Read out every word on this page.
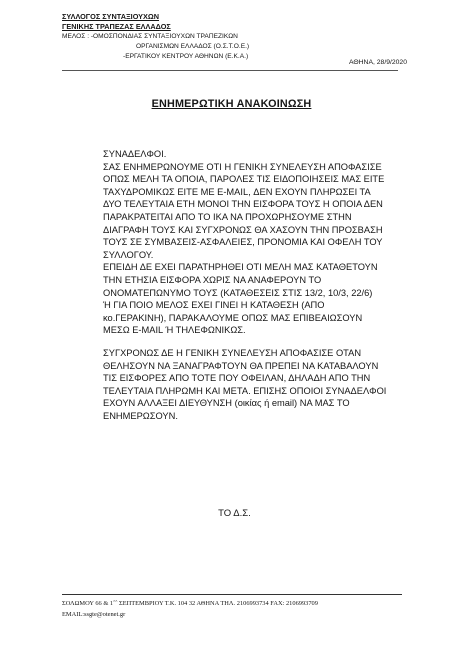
ΣΥΛΛΟΓΟΣ ΣΥΝΤΑΞΙΟΥΧΩΝ
ΓΕΝΙΚΗΣ ΤΡΑΠΕΖΑΣ ΕΛΛΑΔΟΣ
ΜΕΛΟΣ : -ΟΜΟΣΠΟΝΔΙΑΣ ΣΥΝΤΑΞΙΟΥΧΩΝ ΤΡΑΠΕΖΙΚΩΝ
ΟΡΓΑΝΙΣΜΩΝ ΕΛΛΑΔΟΣ (Ο.Σ.Τ.Ο.Ε.)
-ΕΡΓΑΤΙΚΟΥ ΚΕΝΤΡΟΥ ΑΘΗΝΩΝ (Ε.Κ.Α.)
ΑΘΗΝΑ, 28/9/2020
ΕΝΗΜΕΡΩΤΙΚΗ ΑΝΑΚΟΙΝΩΣΗ
ΣΥΝΑΔΕΛΦΟΙ.
ΣΑΣ ΕΝΗΜΕΡΩΝΟΥΜΕ ΟΤΙ Η ΓΕΝΙΚΗ ΣΥΝΕΛΕΥΣΗ ΑΠΟΦΑΣΙΣΕ
ΟΠΩΣ ΜΕΛΗ ΤΑ ΟΠΟΙΑ, ΠΑΡΟΛΕΣ ΤΙΣ ΕΙΔΟΠΟΙΗΣΕΙΣ ΜΑΣ ΕΙΤΕ
ΤΑΧΥΔΡΟΜΙΚΩΣ ΕΙΤΕ ΜΕ E-MAIL, ΔΕΝ ΕΧΟΥΝ ΠΛΗΡΩΣΕΙ ΤΑ
ΔΥΟ ΤΕΛΕΥΤΑΙΑ ΕΤΗ ΜΟΝΟΙ ΤΗΝ ΕΙΣΦΟΡΑ ΤΟΥΣ Η ΟΠΟΙΑ ΔΕΝ
ΠΑΡΑΚΡΑΤΕΙΤΑΙ ΑΠΟ ΤΟ ΙΚΑ ΝΑ ΠΡΟΧΩΡΗΣΟΥΜΕ ΣΤΗΝ
ΔΙΑΓΡΑΦΗ ΤΟΥΣ ΚΑΙ ΣΥΓΧΡΟΝΩΣ ΘΑ ΧΑΣΟΥΝ ΤΗΝ ΠΡΟΣΒΑΣΗ
ΤΟΥΣ ΣΕ ΣΥΜΒΑΣΕΙΣ-ΑΣΦΑΛΕΙΕΣ, ΠΡΟΝΟΜΙΑ ΚΑΙ ΟΦΕΛΗ ΤΟΥ
ΣΥΛΛΟΓΟΥ.
ΕΠΕΙΔΗ ΔΕ ΕΧΕΙ ΠΑΡΑΤΗΡΗΘΕΙ ΟΤΙ ΜΕΛΗ ΜΑΣ ΚΑΤΑΘΕΤΟΥΝ
ΤΗΝ ΕΤΗΣΙΑ ΕΙΣΦΟΡΑ ΧΩΡΙΣ ΝΑ ΑΝΑΦΕΡΟΥΝ ΤΟ
ΟΝΟΜΑΤΕΠΩΝΥΜΟ ΤΟΥΣ (ΚΑΤΑΘΕΣΕΙΣ ΣΤΙΣ 13/2, 10/3, 22/6)
Ή ΓΙΑ ΠΟΙΟ ΜΕΛΟΣ ΕΧΕΙ ΓΙΝΕΙ Η ΚΑΤΑΘΕΣΗ (ΑΠΟ
κο.ΓΕΡΑΚΙΝΗ), ΠΑΡΑΚΑΛΟΥΜΕ ΟΠΩΣ ΜΑΣ ΕΠΙΒΕΑΙΩΣΟΥΝ
ΜΕΣΩ E-MAIL Ή ΤΗΛΕΦΩΝΙΚΩΣ.
ΣΥΓΧΡΟΝΩΣ ΔΕ Η ΓΕΝΙΚΗ ΣΥΝΕΛΕΥΣΗ ΑΠΟΦΑΣΙΣΕ ΟΤΑΝ
ΘΕΛΗΣΟΥΝ ΝΑ ΞΑΝΑΓΡΑΦΤΟΥΝ ΘΑ ΠΡΕΠΕΙ ΝΑ ΚΑΤΑΒΑΛΟΥΝ
ΤΙΣ ΕΙΣΦΟΡΕΣ ΑΠΟ ΤΟΤΕ ΠΟΥ ΟΦΕΙΛΑΝ, ΔΗΛΑΔΗ ΑΠΟ ΤΗΝ
ΤΕΛΕΥΤΑΙΑ ΠΛΗΡΩΜΗ ΚΑΙ ΜΕΤΑ. ΕΠΙΣΗΣ ΟΠΟΙΟΙ ΣΥΝΑΔΕΛΦΟΙ
ΕΧΟΥΝ ΑΛΛΑΞΕΙ ΔΙΕΥΘΥΝΣΗ (οικίας ή email) ΝΑ ΜΑΣ ΤΟ
ΕΝΗΜΕΡΩΣΟΥΝ.
ΤΟ Δ.Σ.
ΣΟΛΩΜΟΥ 66 & 1ˆˆ ΣΕΠΤΕΜΒΡΙΟΥ Τ.Κ. 104 32 ΑΘΗΝΑ ΤΗΛ. 2106993734 FAX: 2106993709
EMAIL:ssgte@otenet.gr
